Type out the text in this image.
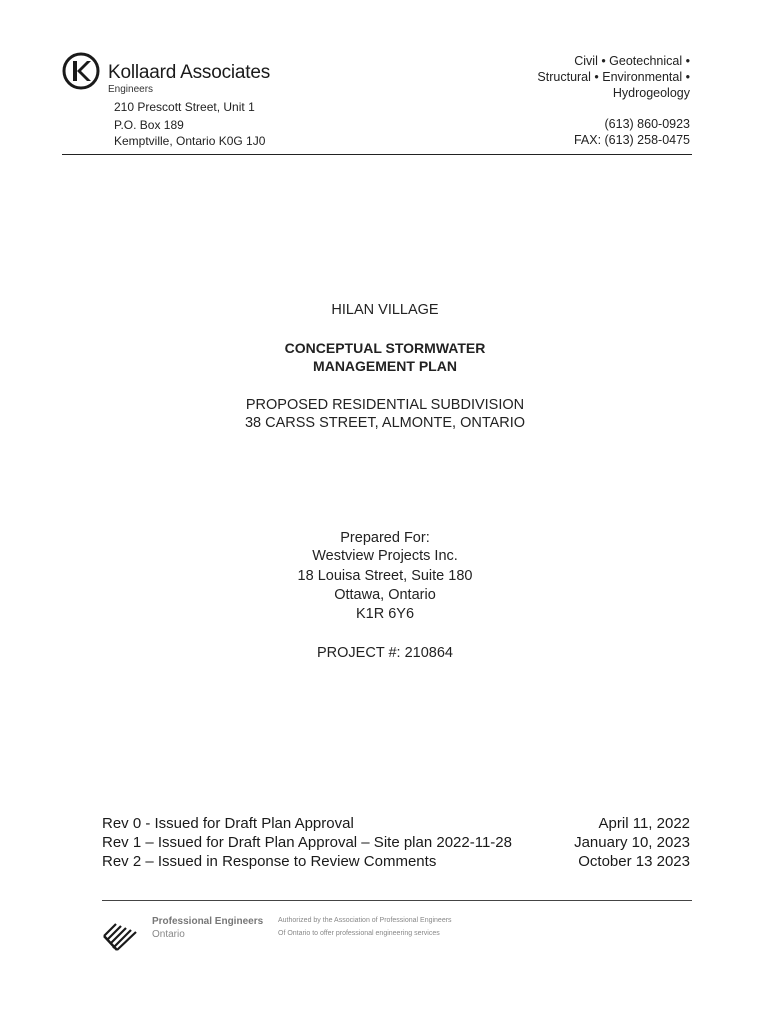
Kollaard Associates
Engineers
210 Prescott Street, Unit 1
P.O. Box 189
Kemptville, Ontario K0G 1J0
Civil • Geotechnical •
Structural • Environmental •
Hydrogeology
(613) 860-0923
FAX: (613) 258-0475
HILAN VILLAGE
CONCEPTUAL STORMWATER
MANAGEMENT PLAN
PROPOSED RESIDENTIAL SUBDIVISION
38 CARSS STREET, ALMONTE, ONTARIO
Prepared For:
Westview Projects Inc.
18 Louisa Street, Suite 180
Ottawa, Ontario
K1R 6Y6
PROJECT #: 210864
Rev 0 - Issued for Draft Plan Approval	April 11, 2022
Rev 1 – Issued for Draft Plan Approval – Site plan 2022-11-28	January 10, 2023
Rev 2 – Issued in Response to Review Comments	October 13 2023
Professional Engineers
Ontario
Authorized by the Association of Professional Engineers
Of Ontario to offer professional engineering services
